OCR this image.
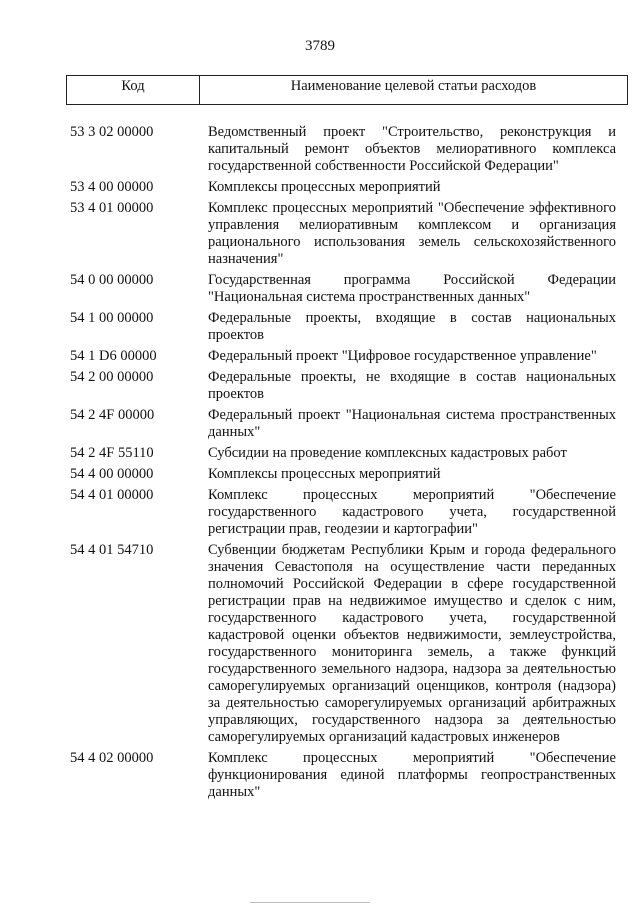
3789
Код	Наименование целевой статьи расходов
53 3 02 00000	Ведомственный проект "Строительство, реконструкция и капитальный ремонт объектов мелиоративного комплекса государственной собственности Российской Федерации"
53 4 00 00000	Комплексы процессных мероприятий
53 4 01 00000	Комплекс процессных мероприятий "Обеспечение эффективного управления мелиоративным комплексом и организация рационального использования земель сельскохозяйственного назначения"
54 0 00 00000	Государственная программа Российской Федерации "Национальная система пространственных данных"
54 1 00 00000	Федеральные проекты, входящие в состав национальных проектов
54 1 D6 00000	Федеральный проект "Цифровое государственное управление"
54 2 00 00000	Федеральные проекты, не входящие в состав национальных проектов
54 2 4F 00000	Федеральный проект "Национальная система пространственных данных"
54 2 4F 55110	Субсидии на проведение комплексных кадастровых работ
54 4 00 00000	Комплексы процессных мероприятий
54 4 01 00000	Комплекс процессных мероприятий "Обеспечение государственного кадастрового учета, государственной регистрации прав, геодезии и картографии"
54 4 01 54710	Субвенции бюджетам Республики Крым и города федерального значения Севастополя на осуществление части переданных полномочий Российской Федерации в сфере государственной регистрации прав на недвижимое имущество и сделок с ним, государственного кадастрового учета, государственной кадастровой оценки объектов недвижимости, землеустройства, государственного мониторинга земель, а также функций государственного земельного надзора, надзора за деятельностью саморегулируемых организаций оценщиков, контроля (надзора) за деятельностью саморегулируемых организаций арбитражных управляющих, государственного надзора за деятельностью саморегулируемых организаций кадастровых инженеров
54 4 02 00000	Комплекс процессных мероприятий "Обеспечение функционирования единой платформы геопространственных данных"
